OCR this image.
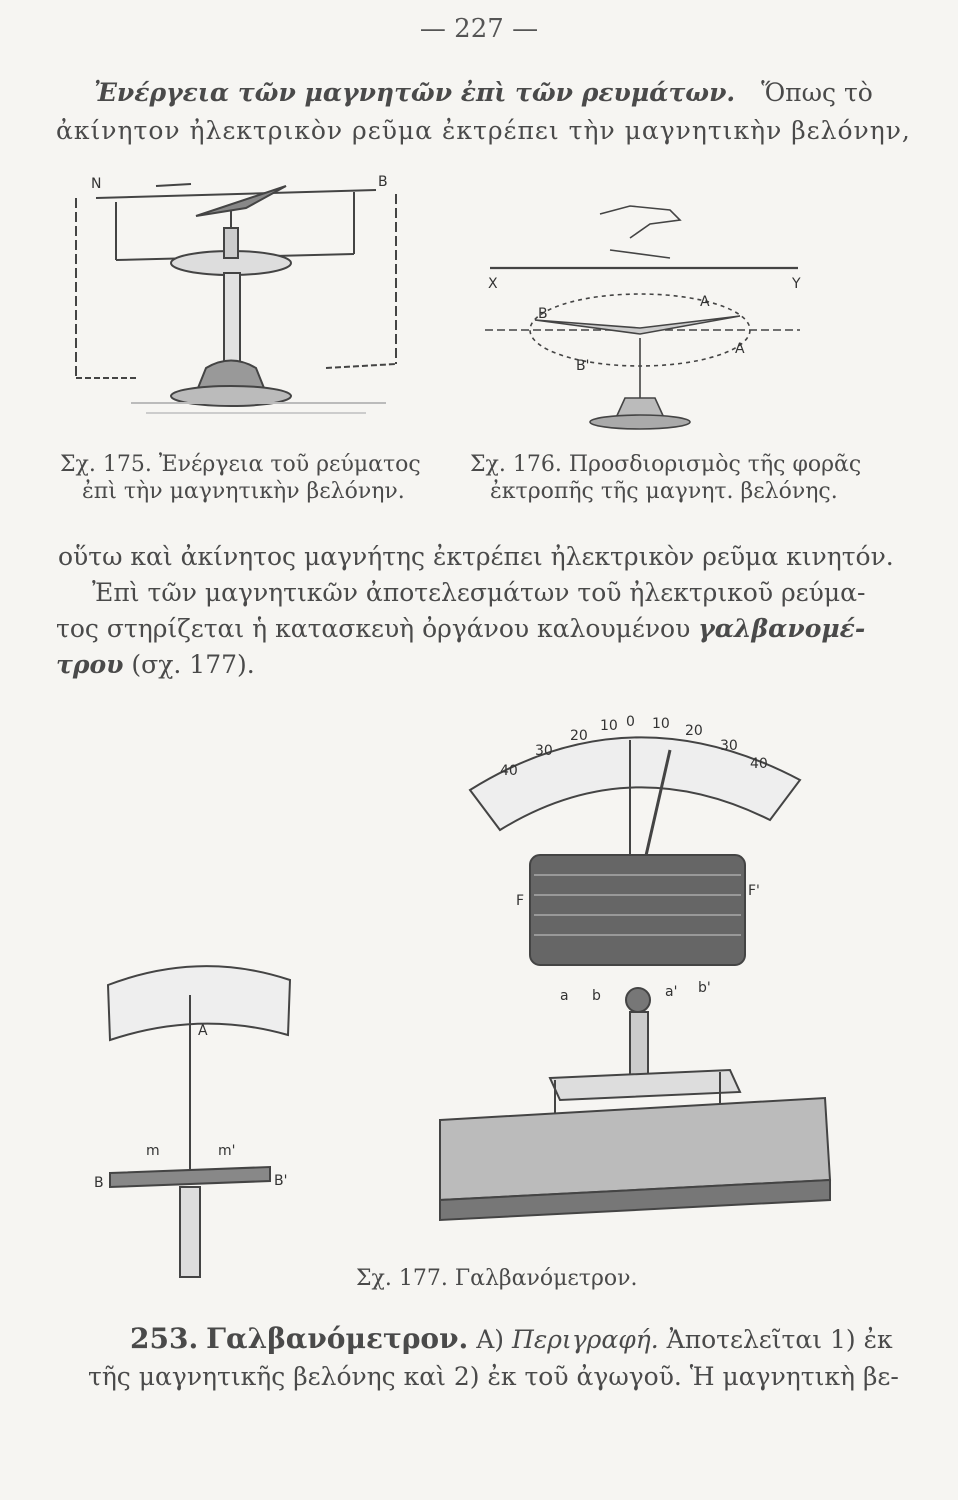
— 227 —
Ἐνέργεια τῶν μαγνητῶν ἐπὶ τῶν ρευμάτων. Ὅπως τὸ
ἀκίνητον ἠλεκτρικὸν ρεῦμα ἐκτρέπει τὴν μαγνητικὴν βελόνην,
N	B
X	Y
A
B
A
B'
Σχ. 175. Ἐνέργεια τοῦ ρεύματος
ἐπὶ τὴν μαγνητικὴν βελόνην.
Σχ. 176. Προσδιορισμὸς τῆς φορᾶς
ἐκτροπῆς τῆς μαγνητ. βελόνης.
οὕτω καὶ ἀκίνητος μαγνήτης ἐκτρέπει ἠλεκτρικὸν ρεῦμα κινητόν.
Ἐπὶ τῶν μαγνητικῶν ἀποτελεσμάτων τοῦ ἠλεκτρικοῦ ρεύμα-
τος στηρίζεται ἡ κατασκευὴ ὀργάνου καλουμένου γαλβανομέ-
τρου (σχ. 177).
40
30
20
10 0 10 20
30
40
F
F'
a b	a' b'
A
B	B'
m	m'
Σχ. 177. Γαλβανόμετρον.
253. Γαλβανόμετρον. Α) Περιγραφή. Ἀποτελεῖται 1) ἐκ
τῆς μαγνητικῆς βελόνης καὶ 2) ἐκ τοῦ ἀγωγοῦ. Ἡ μαγνητικὴ βε-
